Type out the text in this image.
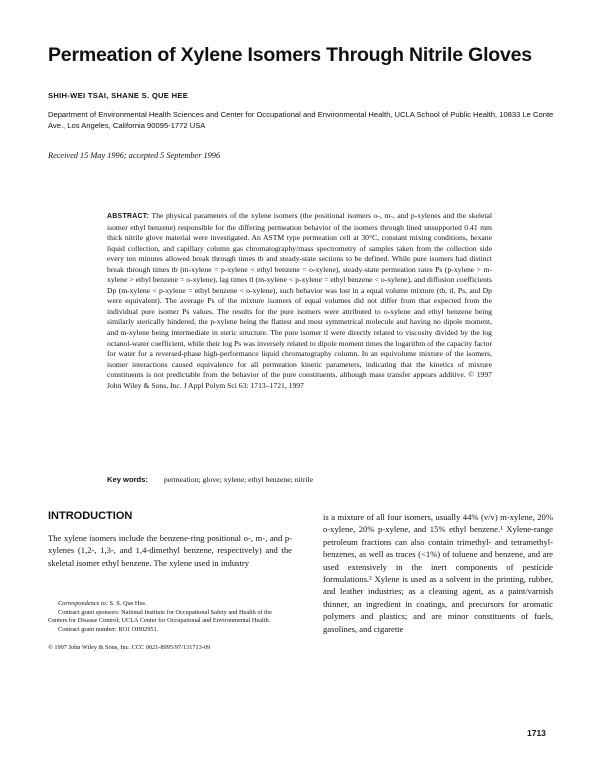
Permeation of Xylene Isomers Through Nitrile Gloves
SHIH-WEI TSAI, SHANE S. QUE HEE
Department of Environmental Health Sciences and Center for Occupational and Environmental Health, UCLA School of Public Health, 10833 Le Conte Ave., Los Angeles, California 90095-1772 USA
Received 15 May 1996; accepted 5 September 1996
ABSTRACT: The physical parameters of the xylene isomers (the positional isomers o-, m-, and p-xylenes and the skeletal isomer ethyl benzene) responsible for the differing permeation behavior of the isomers through lined unsupported 0.41 mm thick nitrile glove material were investigated. An ASTM type permeation cell at 30°C, constant mixing conditions, hexane liquid collection, and capillary column gas chromatography/mass spectrometry of samples taken from the collection side every ten minutes allowed break through times tb and steady-state sections to be defined. While pure isomers had distinct break through times tb (m-xylene = p-xylene < ethyl benzene = o-xylene), steady-state permeation rates Ps (p-xylene > m-xylene > ethyl benzene = o-xylene), lag times tl (m-xylene < p-xylene = ethyl benzene < o-xylene), and diffusion coefficients Dp (m-xylene < p-xylene = ethyl benzene < o-xylene), such behavior was lost in a equal volume mixture (tb, tl, Ps, and Dp were equivalent). The average Ps of the mixture isomers of equal volumes did not differ from that expected from the individual pure isomer Ps values. The results for the pure isomers were attributed to o-xylene and ethyl benzene being similarly sterically hindered, the p-xylene being the flattest and most symmetrical molecule and having no dipole moment, and m-xylene being intermediate in steric structure. The pure isomer tl were directly related to viscosity divided by the log octanol-water coefficient, while their log Ps was inversely related to dipole moment times the logarithm of the capacity factor for water for a reversed-phase high-performance liquid chromatography column. In an equivolume mixture of the isomers, isomer interactions caused equivalence for all permeation kinetic parameters, indicating that the kinetics of mixture constituents is not predictable from the behavior of the pure constituents, although mass transfer appears additive. © 1997 John Wiley & Sons, Inc. J Appl Polym Sci 63: 1713–1721, 1997
Key words: permeation; glove; xylene; ethyl benzene; nitrile
INTRODUCTION

The xylene isomers include the benzene-ring positional o-, m-, and p-xylenes (1,2-, 1,3-, and 1,4-dimethyl benzene, respectively) and the skeletal isomer ethyl benzene. The xylene used in industry

Correspondence to: S. S. Que Hee.

Contract grant sponsors: National Institute for Occupational Safety and Health of the Centers for Disease Control; UCLA Center for Occupational and Environmental Health.

Contract grant number: RO1 OH02951.

© 1997 John Wiley & Sons, Inc. CCC 0021-8995/97/131713-09

is a mixture of all four isomers, usually 44% (v/v) m-xylene, 20% o-xylene, 20% p-xylene, and 15% ethyl benzene.¹ Xylene-range petroleum fractions can also contain trimethyl- and tetramethyl-benzenes, as well as traces (<1%) of toluene and benzene, and are used extensively in the inert components of pesticide formulations.² Xylene is used as a solvent in the printing, rubber, and leather industries; as a cleaning agent, as a paint/varnish thinner, an ingredient in coatings, and precursors for aromatic polymers and plastics; and are minor constituents of fuels, gasolines, and cigarette

1713
